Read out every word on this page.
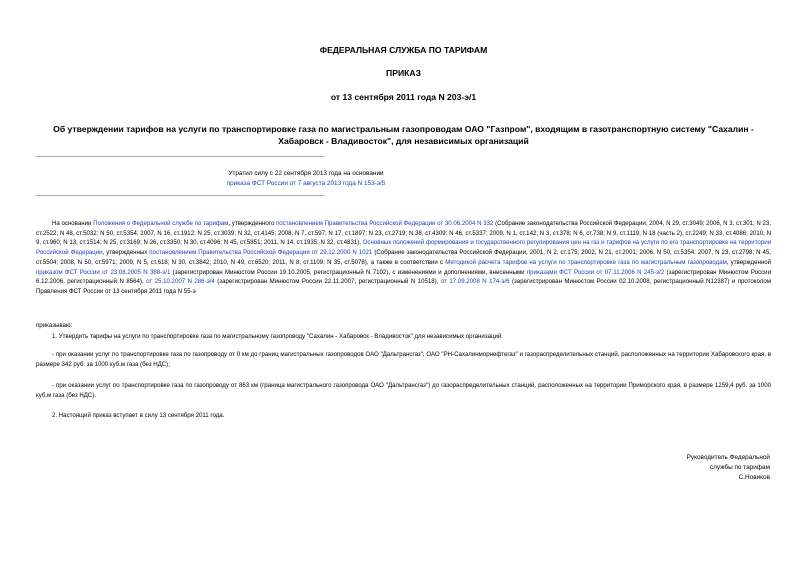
ФЕДЕРАЛЬНАЯ СЛУЖБА ПО ТАРИФАМ
ПРИКАЗ
от 13 сентября 2011 года N 203-э/1
Об утверждении тарифов на услуги по транспортировке газа по магистральным газопроводам ОАО "Газпром", входящим в газотранспортную систему "Сахалин - Хабаровск - Владивосток", для независимых организаций
Утратил силу с 22 сентября 2013 года на основании
приказа ФСТ России от 7 августа 2013 года N 153-э/5
На основании Положения о Федеральной службе по тарифам, утвержденного постановлением Правительства Российской Федерации от 30.06.2004 N 332 (Собрание законодательства Российской Федерации, 2004, N 29, ст.3049; 2006, N 3, ст.301; N 23, ст.2522; N 48, ст.5032; N 50, ст.5354; 2007, N 16, ст.1912; N 25, ст.3039; N 32, ст.4145; 2008, N 7, ст.597; N 17, ст.1897; N 23, ст.2719; N 38, ст.4309; N 46, ст.5337; 2009, N 1, ст.142; N 3, ст.378; N 6, ст.738; N 9, ст.1119; N 18 (часть 2), ст.2249; N 33, ст.4086; 2010, N 9, ст.960; N 13, ст.1514; N 25, ст.3169; N 26, ст.3350; N 30, ст.4096; N 45, ст.5851; 2011, N 14, ст.1935; N 32, ст.4831), Основных положений формирования и государственного регулирования цен на газ и тарифов на услуги по его транспортировке на территории Российской Федерации, утвержденных постановлением Правительства Российской Федерации от 29.12.2000 N 1021 (Собрание законодательства Российской Федерации, 2001, N 2, ст.175; 2002, N 21, ст.2001; 2006, N 50, ст.5354; 2007, N 23, ст.2798; N 45, ст.5504; 2008, N 50, ст.5971; 2009, N 5, ст.618; N 30, ст.3842; 2010, N 49, ст.6520; 2011, N 8, ст.1109; N 35, ст.5078), а также в соответствии с Методикой расчета тарифов на услуги по транспортировке газа по магистральным газопроводам, утвержденной приказом ФСТ России от 23.08.2005 N 388-э/1 (зарегистрирован Минюстом России 19.10.2005, регистрационный N 7102), с изменениями и дополнениями, внесенными приказами ФСТ России от 07.11.2006 N 245-э/2 (зарегистрирован Минюстом России 6.12.2006, регистрационный N 8564), от 25.10.2007 N 286-э/4 (зарегистрирован Минюстом России 22.11.2007, регистрационный N 10518), от 17.09.2008 N 174-э/6 (зарегистрирован Минюстом России 02.10.2008, регистрационный N12387) и протоколом Правления ФСТ России от 13 сентября 2011 года N 55-э
приказываю:
1. Утвердить тарифы на услуги по транспортировке газа по магистральному газопроводу "Сахалин - Хабаровск - Владивосток" для независимых организаций:
- при оказании услуг по транспортировке газа по газопроводу от 0 км до границ магистральных газопроводов ОАО "Дальтрансгаз", ОАО "РН-Сахалинморнефтегаз" и газораспределительных станций, расположенных на территории Хабаровского края, в размере 342 руб. за 1000 куб.м газа (без НДС);
- при оказании услуг по транспортировке газа по газопроводу от 863 км (граница магистрального газопровода ОАО "Дальтрансгаз") до газораспределительных станций, расположенных на территории Приморского края, в размере 1259,4 руб. за 1000 куб.м газа (без НДС).
2. Настоящий приказ вступает в силу 13 сентября 2011 года.
Руководитель Федеральной
службы по тарифам
С.Новиков
